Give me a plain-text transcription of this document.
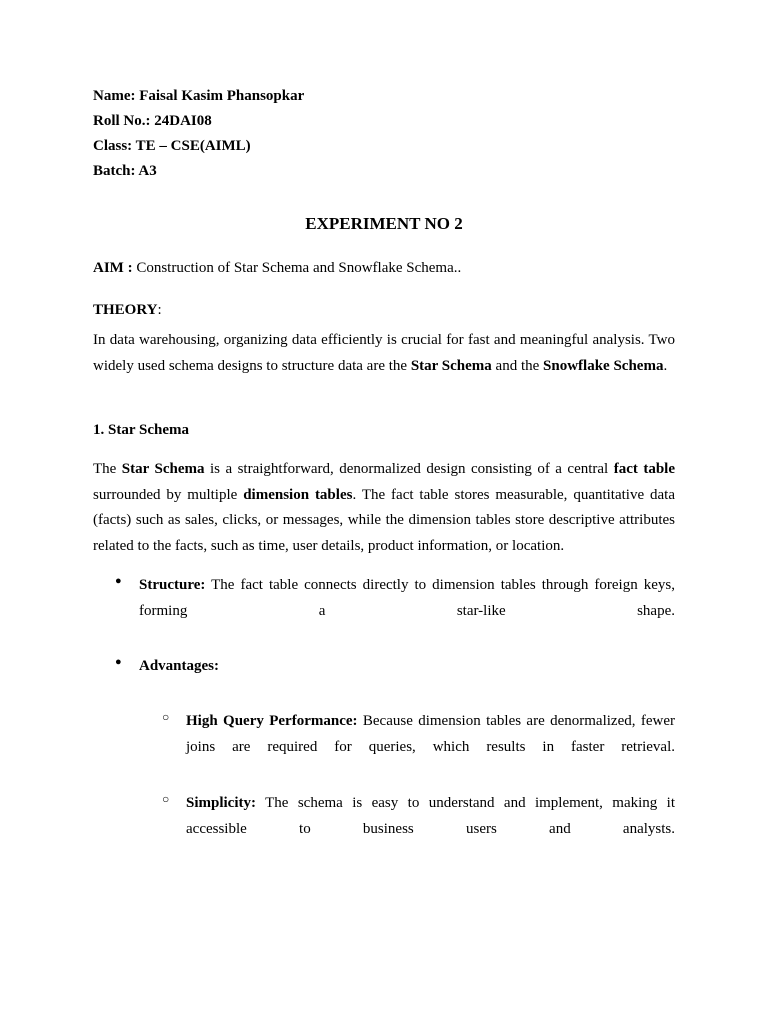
Name: Faisal Kasim Phansopkar

Roll No.: 24DAI08

Class: TE – CSE(AIML)

Batch: A3

EXPERIMENT NO 2

AIM : Construction of Star Schema and Snowflake Schema..

THEORY:

In data warehousing, organizing data efficiently is crucial for fast and meaningful analysis. Two widely used schema designs to structure data are the Star Schema and the Snowflake Schema.

1. Star Schema

The Star Schema is a straightforward, denormalized design consisting of a central fact table surrounded by multiple dimension tables. The fact table stores measurable, quantitative data (facts) such as sales, clicks, or messages, while the dimension tables store descriptive attributes related to the facts, such as time, user details, product information, or location.

● Structure: The fact table connects directly to dimension tables through foreign keys, forming a star-like shape.
● Advantages:
○	High Query Performance: Because dimension tables are denormalized, fewer joins are required for queries, which results in faster retrieval.
○	Simplicity: The schema is easy to understand and implement, making it accessible to business users and analysts.
